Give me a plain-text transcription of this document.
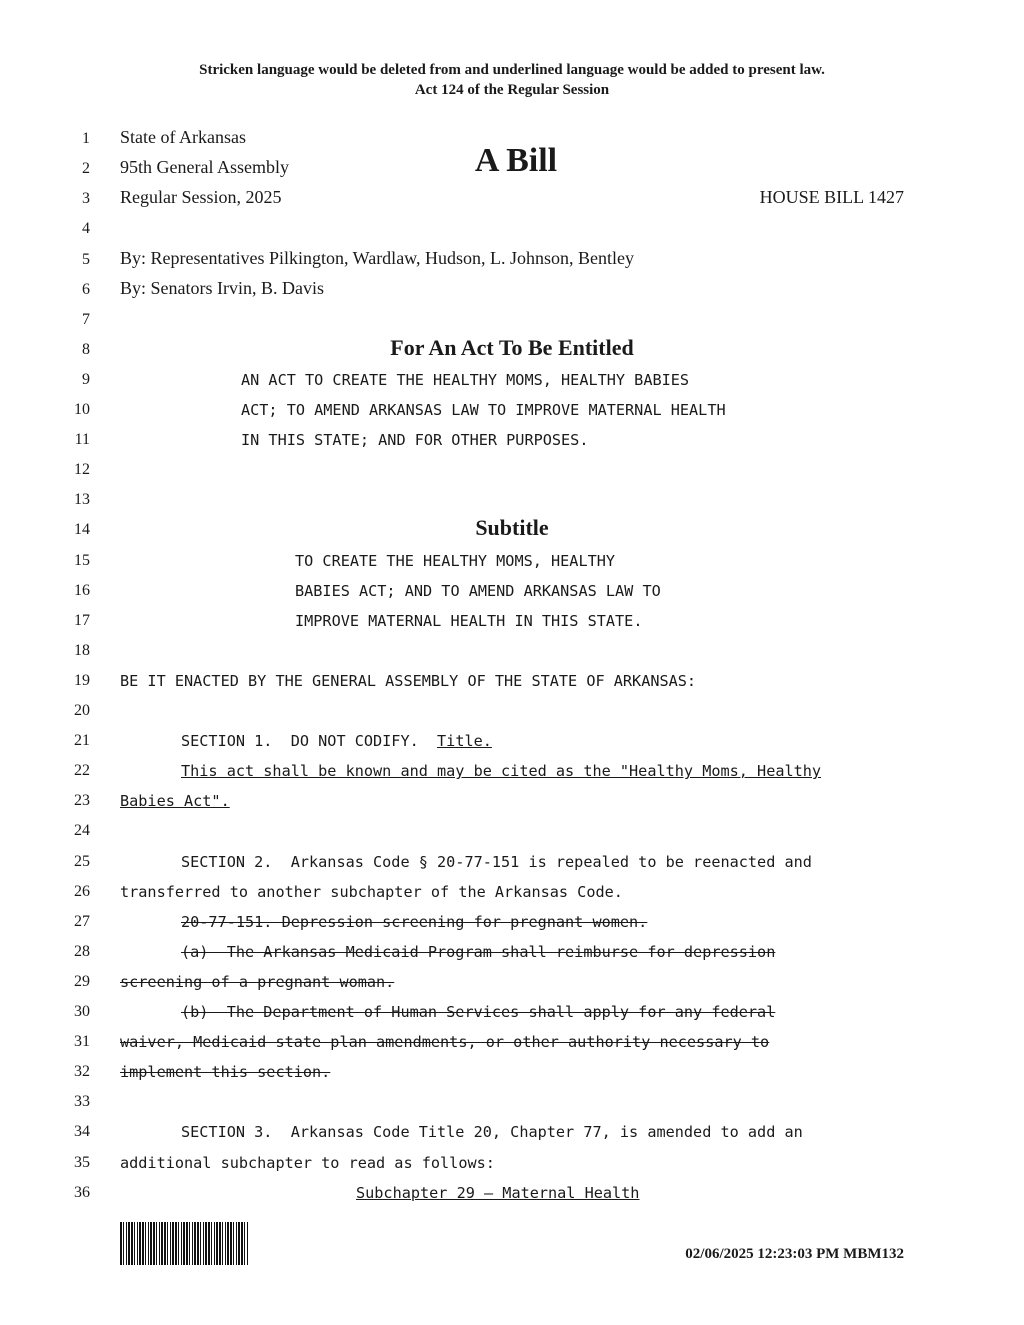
Stricken language would be deleted from and underlined language would be added to present law.
Act 124 of the Regular Session
1
2
3
4
5
6
7
8
9
10
11
12
13
14
15
16
17
18
19
20
21
22
23
24
25
26
27
28
29
30
31
32
33
34
35
36
State of Arkansas
95th General Assembly	A Bill
Regular Session, 2025	HOUSE BILL 1427
By: Representatives Pilkington, Wardlaw, Hudson, L. Johnson, Bentley
By: Senators Irvin, B. Davis
For An Act To Be Entitled
AN ACT TO CREATE THE HEALTHY MOMS, HEALTHY BABIES
ACT; TO AMEND ARKANSAS LAW TO IMPROVE MATERNAL HEALTH
IN THIS STATE; AND FOR OTHER PURPOSES.
Subtitle
TO CREATE THE HEALTHY MOMS, HEALTHY
BABIES ACT; AND TO AMEND ARKANSAS LAW TO
IMPROVE MATERNAL HEALTH IN THIS STATE.
BE IT ENACTED BY THE GENERAL ASSEMBLY OF THE STATE OF ARKANSAS:
SECTION 1.  DO NOT CODIFY.  Title.
This act shall be known and may be cited as the "Healthy Moms, Healthy
Babies Act".
SECTION 2.  Arkansas Code § 20-77-151 is repealed to be reenacted and
transferred to another subchapter of the Arkansas Code.
20-77-151. Depression screening for pregnant women.
(a)  The Arkansas Medicaid Program shall reimburse for depression
screening of a pregnant woman.
(b)  The Department of Human Services shall apply for any federal
waiver, Medicaid state plan amendments, or other authority necessary to
implement this section.
SECTION 3.  Arkansas Code Title 20, Chapter 77, is amended to add an
additional subchapter to read as follows:
Subchapter 29 — Maternal Health
02/06/2025 12:23:03 PM MBM132
